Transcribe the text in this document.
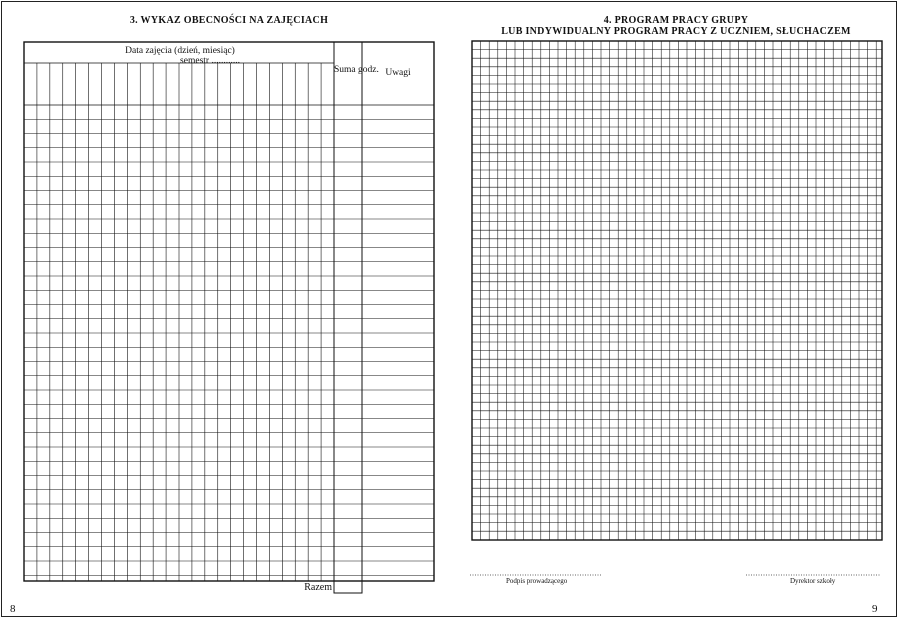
3. WYKAZ OBECNOŚCI NA ZAJĘCIACH	4. PROGRAM PRACY GRUPY
LUB INDYWIDUALNY PROGRAM PRACY Z UCZNIEM, SŁUCHACZEM
Data zajęcia (dzień, miesiąc)
semestr ............
Suma godz. Uwagi
Razem
Podpis prowadzącego	Dyrektor szkoły
8	9
